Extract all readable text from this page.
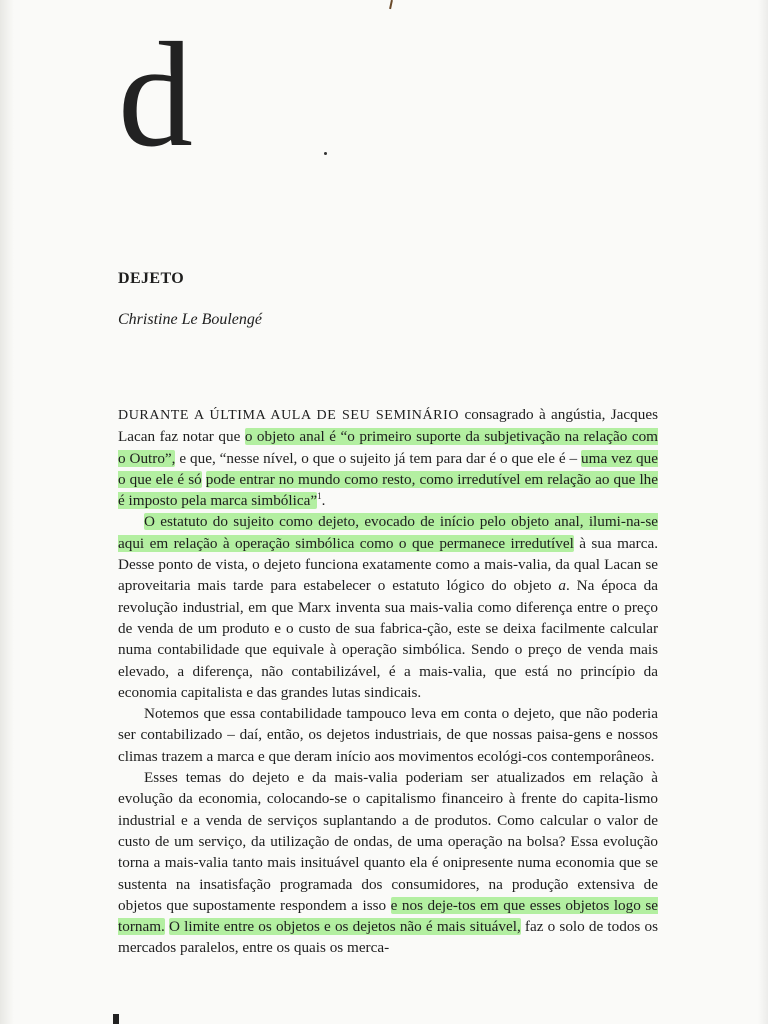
d
DEJETO
Christine Le Boulengé

DURANTE A ÚLTIMA AULA DE SEU SEMINÁRIO consagrado à angústia, Jacques Lacan faz notar que o objeto anal é “o primeiro suporte da subjetivação na relação com o Outro”, e que, “nesse nível, o que o sujeito já tem para dar é o que ele é – uma vez que o que ele é só pode entrar no mundo como resto, como irredutível em relação ao que lhe é imposto pela marca simbólica”$^1$.

O estatuto do sujeito como dejeto, evocado de início pelo objeto anal, ilumi-na-se aqui em relação à operação simbólica como o que permanece irredutível à sua marca. Desse ponto de vista, o dejeto funciona exatamente como a mais-valia, da qual Lacan se aproveitaria mais tarde para estabelecer o estatuto lógico do objeto a. Na época da revolução industrial, em que Marx inventa sua mais-valia como diferença entre o preço de venda de um produto e o custo de sua fabrica-ção, este se deixa facilmente calcular numa contabilidade que equivale à operação simbólica. Sendo o preço de venda mais elevado, a diferença, não contabilizável, é a mais-valia, que está no princípio da economia capitalista e das grandes lutas sindicais.

Notemos que essa contabilidade tampouco leva em conta o dejeto, que não poderia ser contabilizado – daí, então, os dejetos industriais, de que nossas paisa-gens e nossos climas trazem a marca e que deram início aos movimentos ecológi-cos contemporâneos.

Esses temas do dejeto e da mais-valia poderiam ser atualizados em relação à evolução da economia, colocando-se o capitalismo financeiro à frente do capita-lismo industrial e a venda de serviços suplantando a de produtos. Como calcular o valor de custo de um serviço, da utilização de ondas, de uma operação na bolsa? Essa evolução torna a mais-valia tanto mais insituável quanto ela é onipresente numa economia que se sustenta na insatisfação programada dos consumidores, na produção extensiva de objetos que supostamente respondem a isso e nos deje-tos em que esses objetos logo se tornam. O limite entre os objetos e os dejetos não é mais situável, faz o solo de todos os mercados paralelos, entre os quais os merca-
